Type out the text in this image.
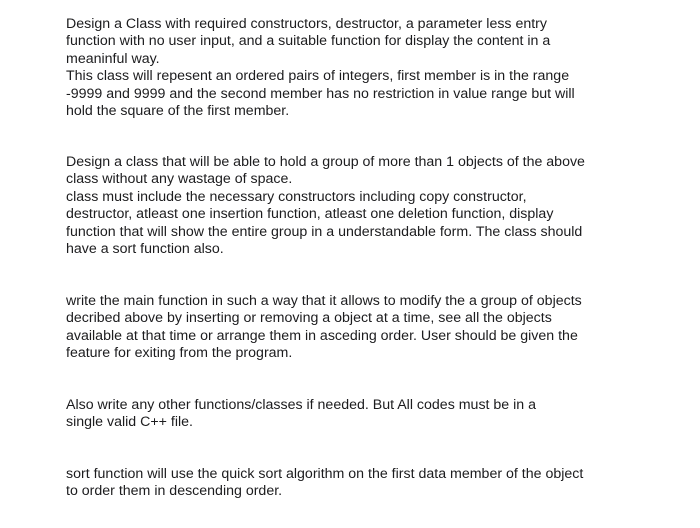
Design a Class with required constructors, destructor, a parameter less entry
function with no user input, and a suitable function for display the content in a
meaninful way.
This class will repesent an ordered pairs of integers, first member is in the range
-9999 and 9999 and the second member has no restriction in value range but will
hold the square of the first member.
Design a class that will be able to hold a group of more than 1 objects of the above
class without any wastage of space.
class must include the necessary constructors including copy constructor,
destructor, atleast one insertion function, atleast one deletion function, display
function that will show the entire group in a understandable form. The class should
have a sort function also.
write the main function in such a way that it allows to modify the a group of objects
decribed above by inserting or removing a object at a time, see all the objects
available at that time or arrange them in asceding order. User should be given the
feature for exiting from the program.
Also write any other functions/classes if needed. But All codes must be in a
single valid C++ file.
sort function will use the quick sort algorithm on the first data member of the object
to order them in descending order.
